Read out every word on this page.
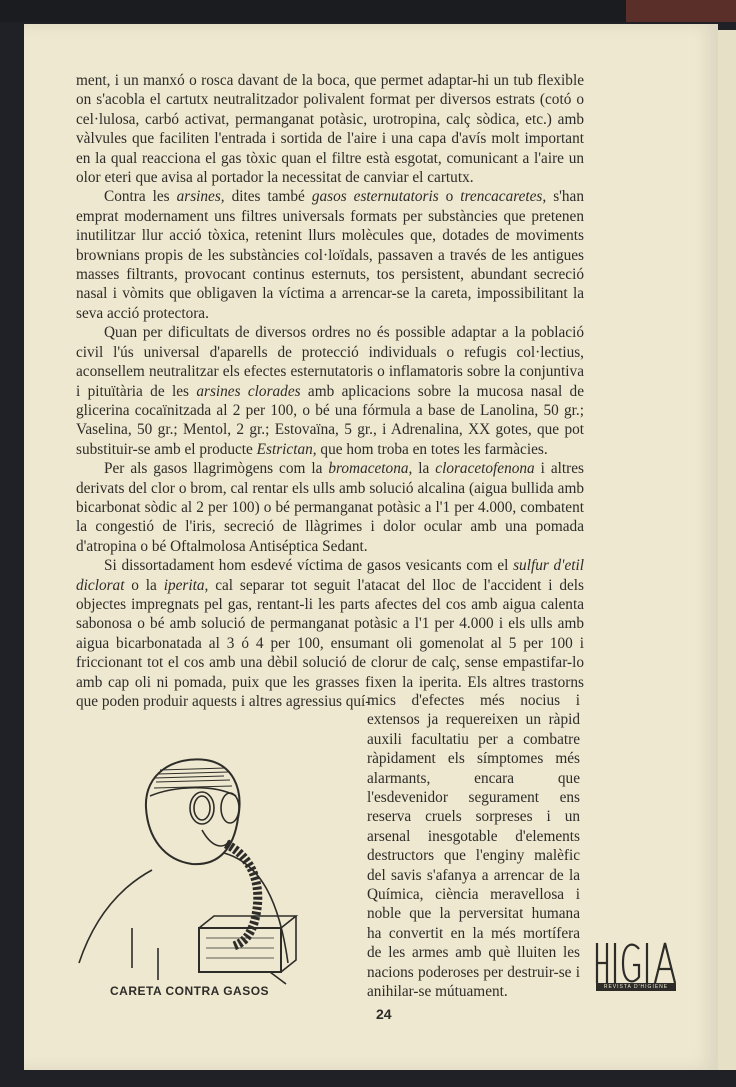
ment, i un manxó o rosca davant de la boca, que permet adaptar-hi un tub flexible on s'acobla el cartutx neutralitzador polivalent format per diversos estrats (cotó o cel·lulosa, carbó activat, permanganat potàsic, urotropina, calç sòdica, etc.) amb vàlvules que faciliten l'entrada i sortida de l'aire i una capa d'avís molt important en la qual reacciona el gas tòxic quan el filtre està esgotat, comunicant a l'aire un olor eteri que avisa al portador la necessitat de canviar el cartutx.

Contra les arsines, dites també gasos esternutatoris o trencacaretes, s'han emprat modernament uns filtres universals formats per substàncies que pretenen inutilitzar llur acció tòxica, retenint llurs molècules que, dotades de moviments brownians propis de les substàncies col·loïdals, passaven a través de les antigues masses filtrants, provocant continus esternuts, tos persistent, abundant secreció nasal i vòmits que obligaven la víctima a arrencar-se la careta, impossibilitant la seva acció protectora.

Quan per dificultats de diversos ordres no és possible adaptar a la població civil l'ús universal d'aparells de protecció individuals o refugis col·lectius, aconsellem neutralitzar els efectes esternutatoris o inflamatoris sobre la conjuntiva i pituïtària de les arsines clorades amb aplicacions sobre la mucosa nasal de glicerina cocaïnitzada al 2 per 100, o bé una fórmula a base de Lanolina, 50 gr.; Vaselina, 50 gr.; Mentol, 2 gr.; Estovaïna, 5 gr., i Adrenalina, XX gotes, que pot substituir-se amb el producte Estrictan, que hom troba en totes les farmàcies.

Per als gasos llagrimògens com la bromacetona, la cloracetofenona i altres derivats del clor o brom, cal rentar els ulls amb solució alcalina (aigua bullida amb bicarbonat sòdic al 2 per 100) o bé permanganat potàsic a l'1 per 4.000, combatent la congestió de l'iris, secreció de llàgrimes i dolor ocular amb una pomada d'atropina o bé Oftalmolosa Antiséptica Sedant.

Si dissortadament hom esdevé víctima de gasos vesicants com el sulfur d'etil diclorat o la iperita, cal separar tot seguit l'atacat del lloc de l'accident i dels objectes impregnats pel gas, rentant-li les parts afectes del cos amb aigua calenta sabonosa o bé amb solució de permanganat potàsic a l'1 per 4.000 i els ulls amb aigua bicarbonatada al 3 ó 4 per 100, ensumant oli gomenolat al 5 per 100 i friccionant tot el cos amb una dèbil solució de clorur de calç, sense empastifar-lo amb cap oli ni pomada, puix que les grasses fixen la iperita. Els altres trastorns que poden produir aquests i altres agressius quí-

mics d'efectes més nocius i extensos ja requereixen un ràpid auxili facultatiu per a combatre ràpidament els símptomes més alarmants, encara que l'esdevenidor segurament ens reserva cruels sorpreses i un arsenal inesgotable d'elements destructors que l'enginy malèfic del savis s'afanya a arrencar de la Química, ciència meravellosa i noble que la perversitat humana ha convertit en la més mortífera de les armes amb què lluiten les nacions poderoses per destruir-se i anihilar-se mútuament.

CARETA CONTRA GASOS
24
REVISTA D'HIGIENE
